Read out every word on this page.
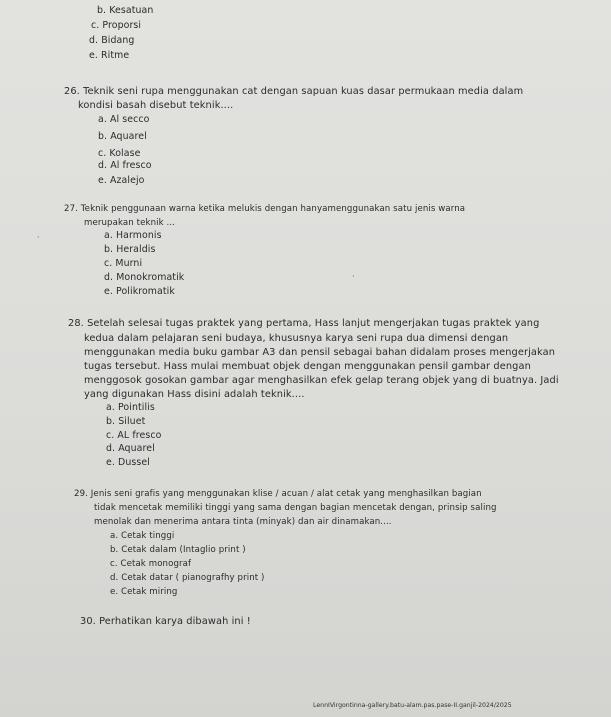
b. Kesatuan
c. Proporsi
d. Bidang
e. Ritme
26. Teknik seni rupa menggunakan cat dengan sapuan kuas dasar permukaan media dalam
kondisi basah disebut teknik....
a. Al secco
b. Aquarel
c. Kolase
d. Al fresco
e. Azalejo
27. Teknik penggunaan warna ketika melukis dengan hanyamenggunakan satu jenis warna
merupakan teknik ...
a. Harmonis
b. Heraldis
c. Murni
d. Monokromatik
e. Polikromatik
28. Setelah selesai tugas praktek yang pertama, Hass lanjut mengerjakan tugas praktek yang
kedua dalam pelajaran seni budaya, khususnya karya seni rupa dua dimensi dengan
menggunakan media buku gambar A3 dan pensil sebagai bahan didalam proses mengerjakan
tugas tersebut. Hass mulai membuat objek dengan menggunakan pensil gambar dengan
menggosok gosokan gambar agar menghasilkan efek gelap terang objek yang di buatnya. Jadi
yang digunakan Hass disini adalah teknik....
a. Pointilis
b. Siluet
c. AL fresco
d. Aquarel
e. Dussel
29. Jenis seni grafis yang menggunakan klise / acuan / alat cetak yang menghasilkan bagian
tidak mencetak memiliki tinggi yang sama dengan bagian mencetak dengan, prinsip saling
menolak dan menerima antara tinta (minyak) dan air dinamakan....
a. Cetak tinggi
b. Cetak dalam (Intaglio print )
c. Cetak monograf
d. Cetak datar ( pianografhy print )
e. Cetak miring
30. Perhatikan karya dibawah ini !
LennIVirgontinna-gallery.batu-alam.pas.pase-II.ganjil-2024/2025
·
·
